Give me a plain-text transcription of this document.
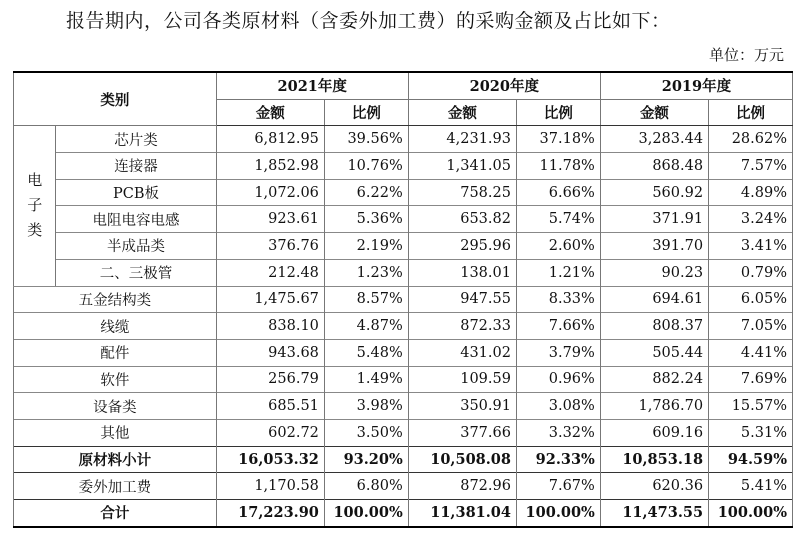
报告期内，公司各类原材料（含委外加工费）的采购金额及占比如下：
单位：万元
类别		2021年度		2020年度		2019年度	
		金额	比例	金额	比例	金额	比例
电子类	芯片类	6,812.95	39.56%	4,231.93	37.18%	3,283.44	28.62%
	连接器	1,852.98	10.76%	1,341.05	11.78%	868.48	7.57%
	PCB板	1,072.06	6.22%	758.25	6.66%	560.92	4.89%
	电阻电容电感	923.61	5.36%	653.82	5.74%	371.91	3.24%
	半成品类	376.76	2.19%	295.96	2.60%	391.70	3.41%
	二、三极管	212.48	1.23%	138.01	1.21%	90.23	0.79%
五金结构类		1,475.67	8.57%	947.55	8.33%	694.61	6.05%
线缆		838.10	4.87%	872.33	7.66%	808.37	7.05%
配件		943.68	5.48%	431.02	3.79%	505.44	4.41%
软件		256.79	1.49%	109.59	0.96%	882.24	7.69%
设备类		685.51	3.98%	350.91	3.08%	1,786.70	15.57%
其他		602.72	3.50%	377.66	3.32%	609.16	5.31%
原材料小计		16,053.32	93.20%	10,508.08	92.33%	10,853.18	94.59%
委外加工费		1,170.58	6.80%	872.96	7.67%	620.36	5.41%
合计		17,223.90	100.00%	11,381.04	100.00%	11,473.55	100.00%
